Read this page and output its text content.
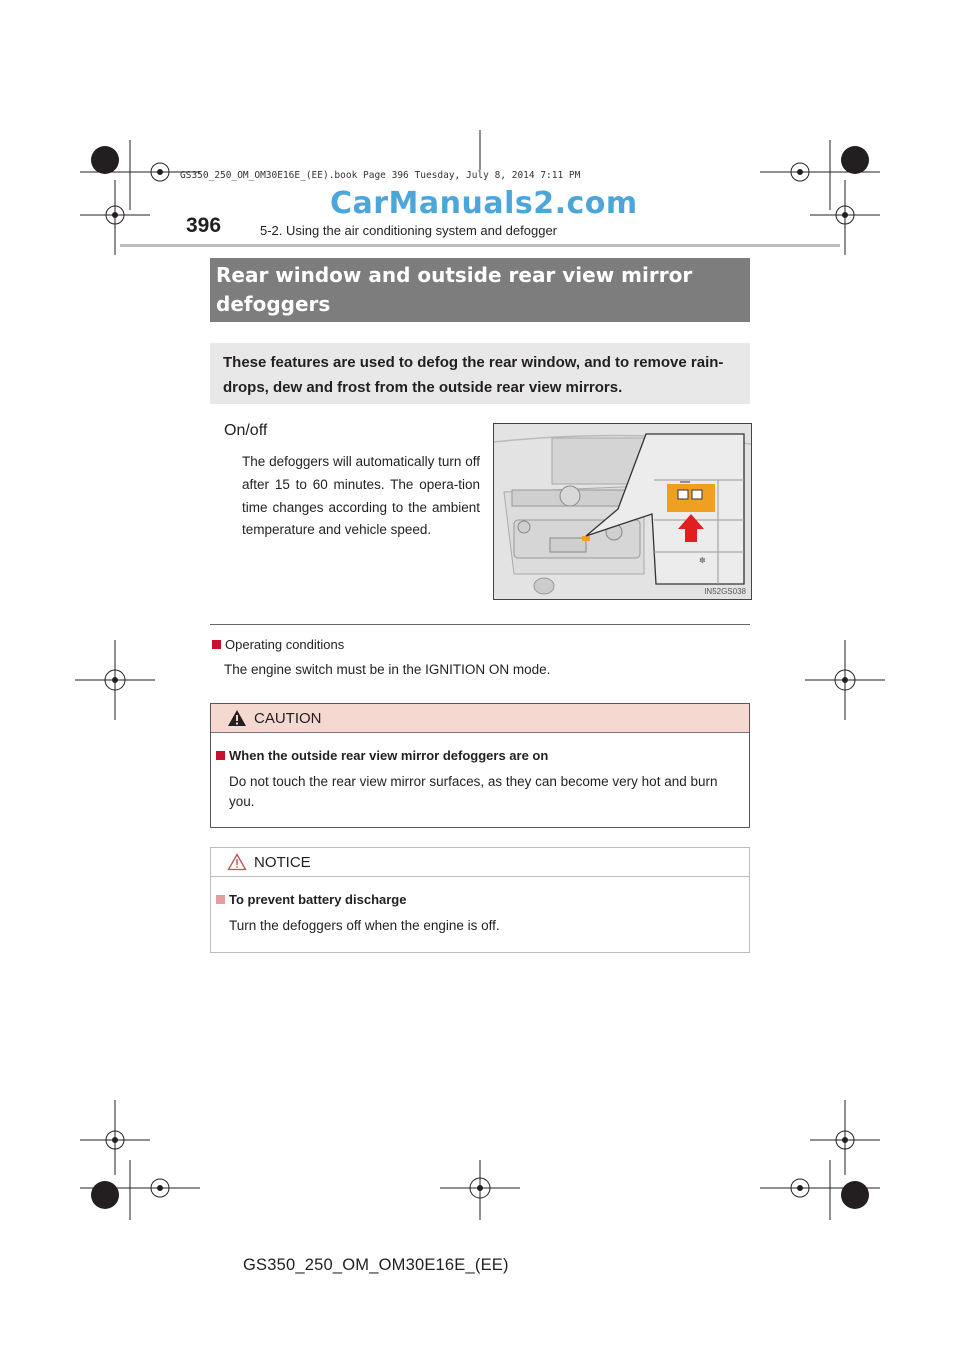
GS350_250_OM_OM30E16E_(EE).book Page 396 Tuesday, July 8, 2014 7:11 PM
CarManuals2.com
396	5-2. Using the air conditioning system and defogger
Rear window and outside rear view mirror defoggers

These features are used to defog the rear window, and to remove rain-drops, dew and frost from the outside rear view mirrors.

On/off
The defoggers will automatically turn off after 15 to 60 minutes. The opera-tion time changes according to the ambient temperature and vehicle speed.
✽
IN52GS038
Operating conditions
The engine switch must be in the IGNITION ON mode.
CAUTION
When the outside rear view mirror defoggers are on
Do not touch the rear view mirror surfaces, as they can become very hot and burn you.
NOTICE
To prevent battery discharge
Turn the defoggers off when the engine is off.
GS350_250_OM_OM30E16E_(EE)
